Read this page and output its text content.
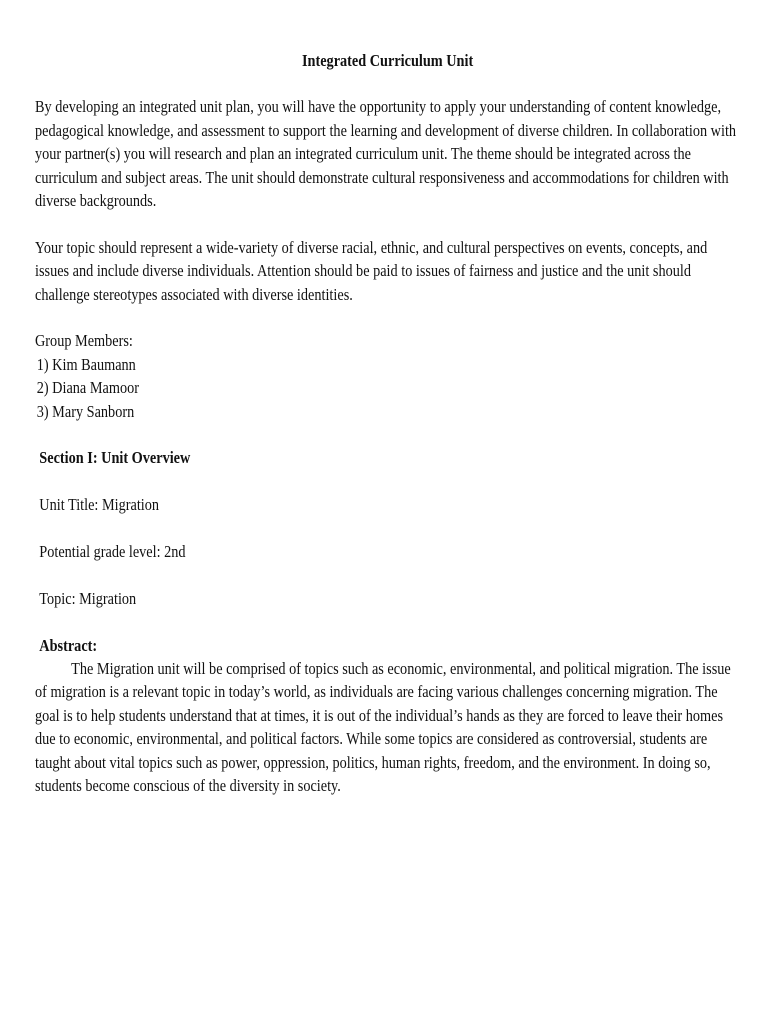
Integrated Curriculum Unit

By developing an integrated unit plan, you will have the opportunity to apply your understanding of content knowledge, pedagogical knowledge, and assessment to support the learning and development of diverse children. In collaboration with your partner(s) you will research and plan an integrated curriculum unit. The theme should be integrated across the curriculum and subject areas. The unit should demonstrate cultural responsiveness and accommodations for children with diverse backgrounds.

Your topic should represent a wide-variety of diverse racial, ethnic, and cultural perspectives on events, concepts, and issues and include diverse individuals. Attention should be paid to issues of fairness and justice and the unit should challenge stereotypes associated with diverse identities.

Group Members:

1) Kim Baumann

2) Diana Mamoor

3) Mary Sanborn

Section I: Unit Overview

Unit Title: Migration

Potential grade level: 2nd

Topic: Migration

Abstract:

The Migration unit will be comprised of topics such as economic, environmental, and political migration. The issue of migration is a relevant topic in today’s world, as individuals are facing various challenges concerning migration. The goal is to help students understand that at times, it is out of the individual’s hands as they are forced to leave their homes due to economic, environmental, and political factors. While some topics are considered as controversial, students are taught about vital topics such as power, oppression, politics, human rights, freedom, and the environment. In doing so, students become conscious of the diversity in society.
